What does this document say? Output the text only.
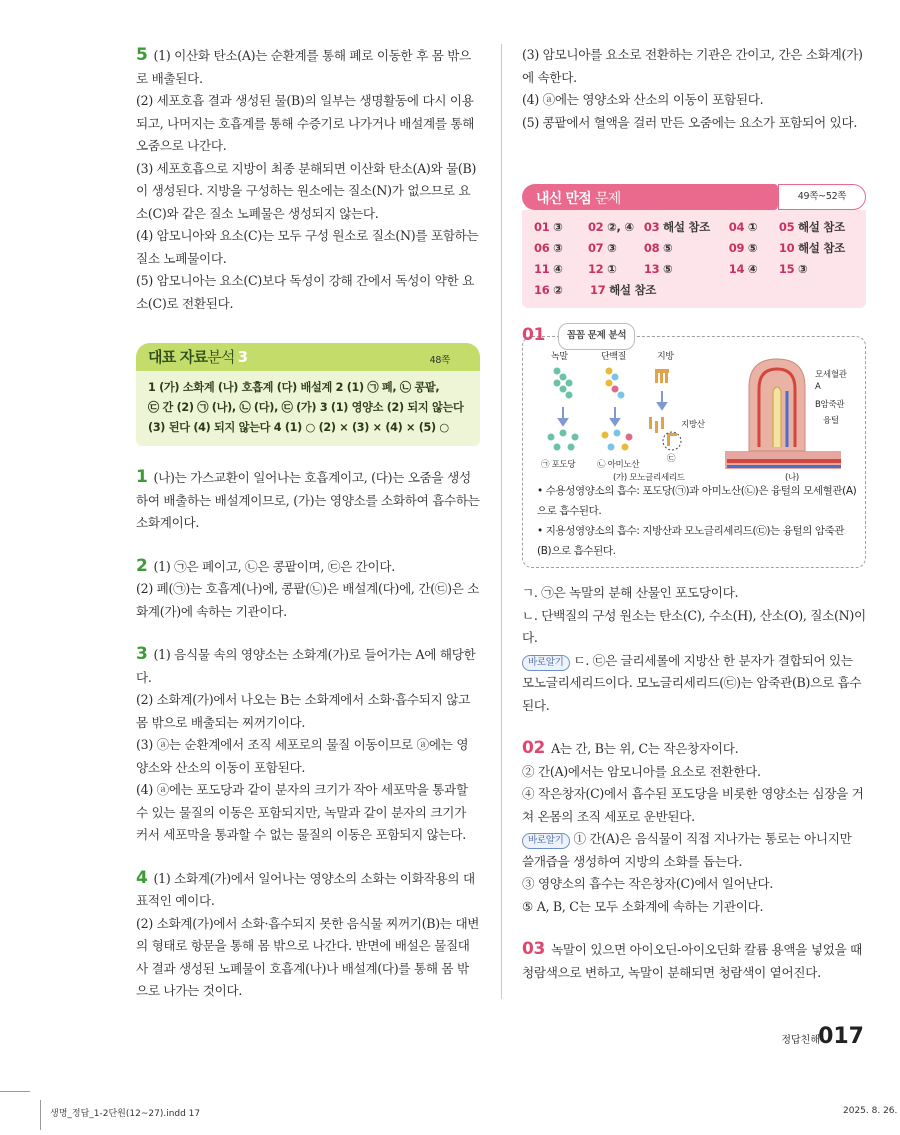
5 (1) 이산화 탄소(A)는 순환계를 통해 폐로 이동한 후 몸 밖으로 배출된다.

(2) 세포호흡 결과 생성된 물(B)의 일부는 생명활동에 다시 이용되고, 나머지는 호흡계를 통해 수증기로 나가거나 배설계를 통해 오줌으로 나간다.

(3) 세포호흡으로 지방이 최종 분해되면 이산화 탄소(A)와 물(B)이 생성된다. 지방을 구성하는 원소에는 질소(N)가 없으므로 요소(C)와 같은 질소 노폐물은 생성되지 않는다.

(4) 암모니아와 요소(C)는 모두 구성 원소로 질소(N)를 포함하는 질소 노폐물이다.

(5) 암모니아는 요소(C)보다 독성이 강해 간에서 독성이 약한 요소(C)로 전환된다.

대표 자료분석 3	48쪽
1 (가) 소화계 (나) 호흡계 (다) 배설계 2 (1) ㉠ 폐, ㉡ 콩팥,
㉢ 간 (2) ㉠ (나), ㉡ (다), ㉢ (가) 3 (1) 영양소 (2) 되지 않는다
(3) 된다 (4) 되지 않는다 4 (1) ○ (2) × (3) × (4) × (5) ○

1 (나)는 가스교환이 일어나는 호흡계이고, (다)는 오줌을 생성하여 배출하는 배설계이므로, (가)는 영양소를 소화하여 흡수하는 소화계이다.

2 (1) ㉠은 폐이고, ㉡은 콩팥이며, ㉢은 간이다.

(2) 폐(㉠)는 호흡계(나)에, 콩팥(㉡)은 배설계(다)에, 간(㉢)은 소화계(가)에 속하는 기관이다.

3 (1) 음식물 속의 영양소는 소화계(가)로 들어가는 A에 해당한다.

(2) 소화계(가)에서 나오는 B는 소화계에서 소화·흡수되지 않고 몸 밖으로 배출되는 찌꺼기이다.

(3) ⓐ는 순환계에서 조직 세포로의 물질 이동이므로 ⓐ에는 영양소와 산소의 이동이 포함된다.

(4) ⓐ에는 포도당과 같이 분자의 크기가 작아 세포막을 통과할 수 있는 물질의 이동은 포함되지만, 녹말과 같이 분자의 크기가 커서 세포막을 통과할 수 없는 물질의 이동은 포함되지 않는다.

4 (1) 소화계(가)에서 일어나는 영양소의 소화는 이화작용의 대표적인 예이다.

(2) 소화계(가)에서 소화·흡수되지 못한 음식물 찌꺼기(B)는 대변의 형태로 항문을 통해 몸 밖으로 나간다. 반면에 배설은 물질대사 결과 생성된 노폐물이 호흡계(나)나 배설계(다)를 통해 몸 밖으로 나가는 것이다.

(3) 암모니아를 요소로 전환하는 기관은 간이고, 간은 소화계(가)에 속한다.

(4) ⓐ에는 영양소와 산소의 이동이 포함된다.

(5) 콩팥에서 혈액을 걸러 만든 오줌에는 요소가 포함되어 있다.

내신 만점 문제	49쪽~52쪽
01 ③	02 ②, ④ 03 해설 참조	04 ①	05 해설 참조
06 ③	07 ③	08 ⑤	09 ⑤	10 해설 참조
11 ④	12 ①	13 ⑤	14 ④	15 ③
16 ②	17 해설 참조
01	꼼꼼 문제 분석
녹말	단백질	지방
지방산
㉢
㉠ 포도당	㉡ 아미노산
(가) 모노글리세리드	(나)
모세혈관
A
B암죽관
융털
• 수용성영양소의 흡수: 포도당(㉠)과 아미노산(㉡)은 융털의 모세혈관(A)으로 흡수된다.
• 지용성영양소의 흡수: 지방산과 모노글리세리드(㉢)는 융털의 암죽관(B)으로 흡수된다.

ㄱ. ㉠은 녹말의 분해 산물인 포도당이다.

ㄴ. 단백질의 구성 원소는 탄소(C), 수소(H), 산소(O), 질소(N)이다.

바로알기 ㄷ. ㉢은 글리세롤에 지방산 한 분자가 결합되어 있는 모노글리세리드이다. 모노글리세리드(㉢)는 암죽관(B)으로 흡수된다.

02 A는 간, B는 위, C는 작은창자이다.

② 간(A)에서는 암모니아를 요소로 전환한다.

④ 작은창자(C)에서 흡수된 포도당을 비롯한 영양소는 심장을 거쳐 온몸의 조직 세포로 운반된다.

바로알기 ① 간(A)은 음식물이 직접 지나가는 통로는 아니지만 쓸개즙을 생성하여 지방의 소화를 돕는다.

③ 영양소의 흡수는 작은창자(C)에서 일어난다.

⑤ A, B, C는 모두 소화계에 속하는 기관이다.

03 녹말이 있으면 아이오딘-아이오딘화 칼륨 용액을 넣었을 때 청람색으로 변하고, 녹말이 분해되면 청람색이 옅어진다.

정답친해
017
생명_정답_1-2단원(12~27).indd 17	2025. 8. 26.
